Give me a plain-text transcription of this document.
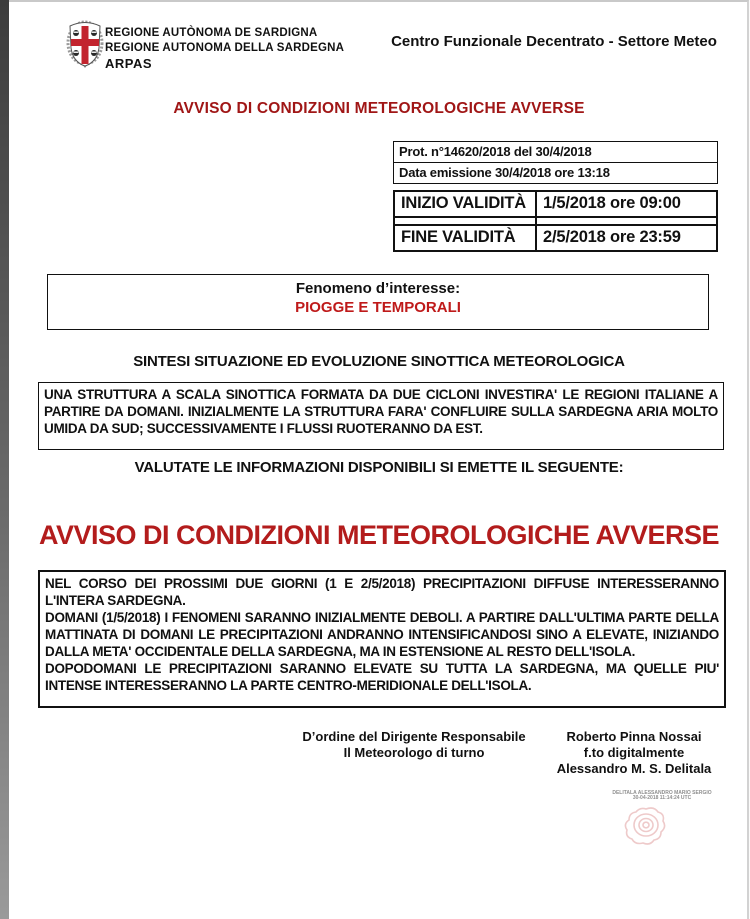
REGIONE AUTÒNOMA DE SARDIGNA
REGIONE AUTONOMA DELLA SARDEGNA
ARPAS
Centro Funzionale Decentrato - Settore Meteo
AVVISO DI CONDIZIONI METEOROLOGICHE AVVERSE
Prot. n°14620/2018 del 30/4/2018
Data emissione 30/4/2018 ore 13:18
INIZIO VALIDITÀ	1/5/2018 ore 09:00

FINE VALIDITÀ	2/5/2018 ore 23:59
Fenomeno d’interesse:
PIOGGE E TEMPORALI
SINTESI SITUAZIONE ED EVOLUZIONE SINOTTICA METEOROLOGICA
UNA STRUTTURA A SCALA SINOTTICA FORMATA DA DUE CICLONI INVESTIRA' LE REGIONI ITALIANE A PARTIRE DA DOMANI. INIZIALMENTE LA STRUTTURA FARA' CONFLUIRE SULLA SARDEGNA ARIA MOLTO UMIDA DA SUD; SUCCESSIVAMENTE I FLUSSI RUOTERANNO DA EST.
VALUTATE LE INFORMAZIONI DISPONIBILI SI EMETTE IL SEGUENTE:
AVVISO DI CONDIZIONI METEOROLOGICHE AVVERSE

NEL CORSO DEI PROSSIMI DUE GIORNI (1 E 2/5/2018) PRECIPITAZIONI DIFFUSE INTERESSERANNO L'INTERA SARDEGNA.

DOMANI (1/5/2018) I FENOMENI SARANNO INIZIALMENTE DEBOLI. A PARTIRE DALL'ULTIMA PARTE DELLA MATTINATA DI DOMANI LE PRECIPITAZIONI ANDRANNO INTENSIFICANDOSI SINO A ELEVATE, INIZIANDO DALLA META' OCCIDENTALE DELLA SARDEGNA, MA IN ESTENSIONE AL RESTO DELL'ISOLA.

DOPODOMANI LE PRECIPITAZIONI SARANNO ELEVATE SU TUTTA LA SARDEGNA, MA QUELLE PIU' INTENSE INTERESSERANNO LA PARTE CENTRO-MERIDIONALE DELL'ISOLA.

D’ordine del Dirigente Responsabile
Il Meteorologo di turno
Roberto Pinna Nossai
f.to digitalmente
Alessandro M. S. Delitala
DELITALA ALESSANDRO MARIO SERGIO
30-04-2018 11:14:24 UTC
